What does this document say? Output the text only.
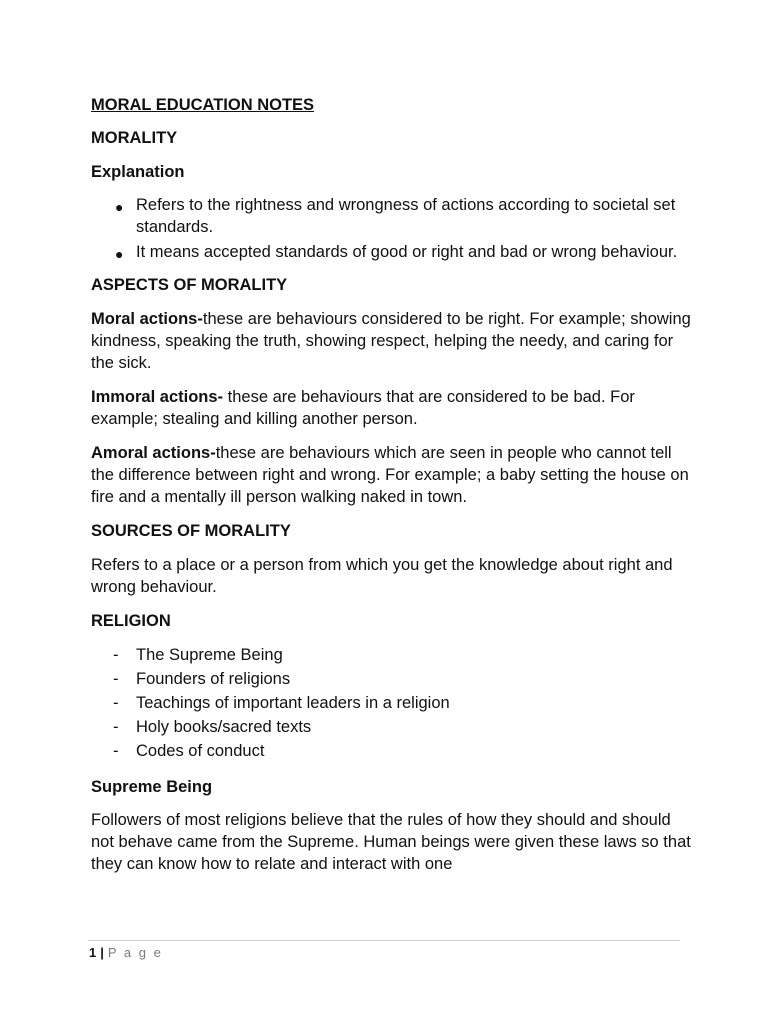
MORAL EDUCATION NOTES
MORALITY
Explanation
● Refers to the rightness and wrongness of actions according to societal set standards.
● It means accepted standards of good or right and bad or wrong behaviour.
ASPECTS OF MORALITY

Moral actions-these are behaviours considered to be right. For example; showing kindness, speaking the truth, showing respect, helping the needy, and caring for the sick.

Immoral actions- these are behaviours that are considered to be bad. For example; stealing and killing another person.

Amoral actions-these are behaviours which are seen in people who cannot tell the difference between right and wrong. For example; a baby setting the house on fire and a mentally ill person walking naked in town.

SOURCES OF MORALITY

Refers to a place or a person from which you get the knowledge about right and wrong behaviour.

RELIGION
- The Supreme Being
- Founders of religions
- Teachings of important leaders in a religion
- Holy books/sacred texts
- Codes of conduct
Supreme Being

Followers of most religions believe that the rules of how they should and should not behave came from the Supreme. Human beings were given these laws so that they can know how to relate and interact with one

1 | P a g e
